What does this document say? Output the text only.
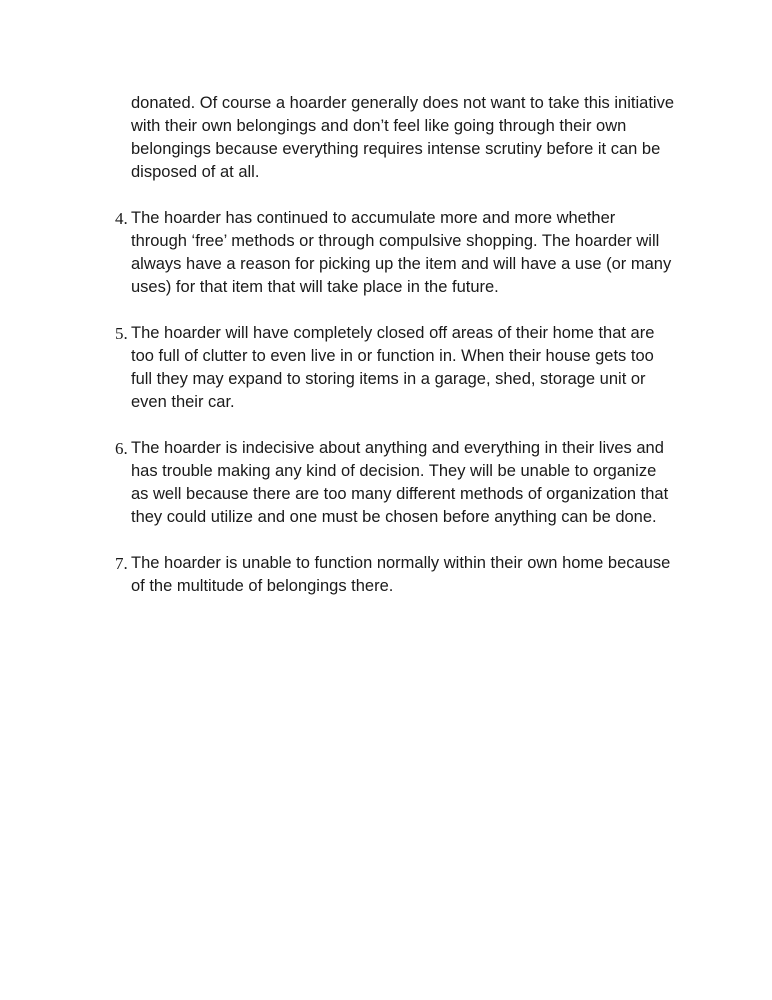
donated. Of course a hoarder generally does not want to take this initiative with their own belongings and don’t feel like going through their own belongings because everything requires intense scrutiny before it can be disposed of at all.

4. The hoarder has continued to accumulate more and more whether through ‘free’ methods or through compulsive shopping. The hoarder will always have a reason for picking up the item and will have a use (or many uses) for that item that will take place in the future.
5. The hoarder will have completely closed off areas of their home that are too full of clutter to even live in or function in. When their house gets too full they may expand to storing items in a garage, shed, storage unit or even their car.
6. The hoarder is indecisive about anything and everything in their lives and has trouble making any kind of decision. They will be unable to organize as well because there are too many different methods of organization that they could utilize and one must be chosen before anything can be done.
7. The hoarder is unable to function normally within their own home because of the multitude of belongings there.
